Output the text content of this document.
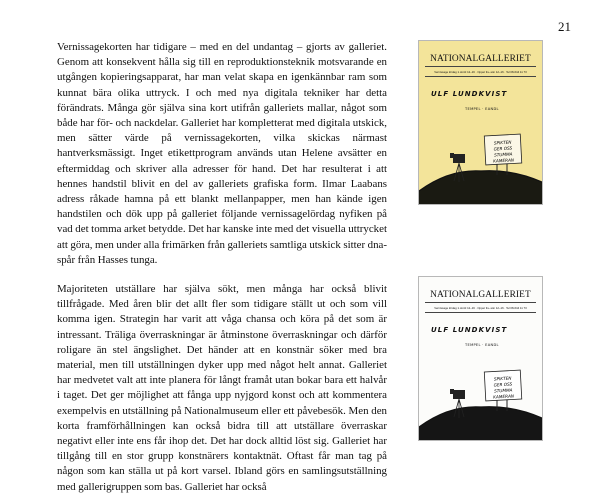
21

Vernissagekorten har tidigare – med en del undantag – gjorts av galleriet. Genom att konsekvent hålla sig till en reproduktionsteknik motsvarande en utgången kopieringsapparat, har man velat skapa en igenkännbar ram som kunnat bära olika uttryck. I och med nya digitala tekniker har detta förändrats. Många gör själva sina kort utifrån galleriets mallar, något som både har för- och nackdelar. Galleriet har kompletterat med digitala utskick, men sätter värde på vernissagekorten, vilka skickas närmast hantverksmässigt. Inget etikettprogram används utan Helene avsätter en eftermiddag och skriver alla adresser för hand. Det har resulterat i att hennes handstil blivit en del av galleriets grafiska form. Ilmar Laabans adress råkade hamna på ett blankt mellanpapper, men han kände igen handstilen och dök upp på galleriet följande vernissagelördag nyfiken på vad det tomma arket betydde. Det har kanske inte med det visuella uttrycket att göra, men under alla frimärken från galleriets samtliga utskick sitter dna-spår från Hasses tunga.

Majoriteten utställare har själva sökt, men många har också blivit tillfrågade. Med åren blir det allt fler som tidigare ställt ut och som vill komma igen. Strategin har varit att våga chansa och köra på det som är intressant. Träliga överraskningar är åtminstone överraskningar och därför roligare än stel ängslighet. Det händer att en konstnär söker med bra material, men till utställningen dyker upp med något helt annat. Galleriet har medvetet valt att inte planera för långt framåt utan bokar bara ett halvår i taget. Det ger möjlighet att fånga upp nyjgord konst och att kommentera exempelvis en utställning på Nationalmuseum eller ett påvebesök. Men den korta framförhållningen kan också bidra till att utställare överraskar negativt eller inte ens får ihop det. Det har dock alltid löst sig. Galleriet har tillgång till en stor grupp konstnärers kontaktnät. Oftast får man tag på någon som kan ställa ut på kort varsel. Ibland görs en samlingsutställning med gallerigruppen som bas. Galleriet har också

NATIONALGALLERIET
Vernissage lördag 1 okt kl 12–16 · Öppet fre–sön 12–16 · Tel 08-644 11 73
ULF LUNDKVIST
TEMPEL · EANDL
SPIKTEN
GER OSS
STUMMA
KAMERAN
NATIONALGALLERIET
Vernissage lördag 1 okt kl 12–16 · Öppet fre–sön 12–16 · Tel 08-644 11 73
ULF LUNDKVIST
TEMPEL · EANDL
SPIKTEN
GER OSS
STUMMA
KAMERAN
